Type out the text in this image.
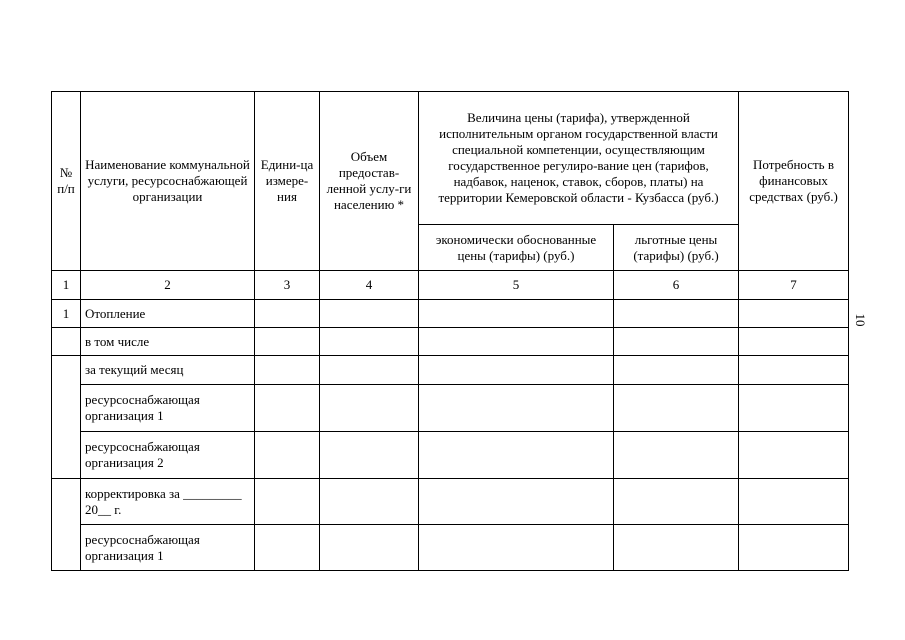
10
№ п/п	Наименование коммунальной услуги, ресурсоснабжающей организации	Едини-ца измере-ния	Объем предостав-ленной услу-ги населению *	Величина цены (тарифа), утвержденной исполнительным органом государственной власти специальной компетенции, осуществляющим государственное регулиро-вание цен (тарифов, надбавок, наценок, ставок, сборов, платы) на территории Кемеровской области - Кузбасса (руб.)		Потребность в финансовых средствах (руб.)
				экономически обоснованные цены (тарифы) (руб.)	льготные цены (тарифы) (руб.)	
1	2	3	4	5	6	7
1	Отопление					
	в том числе					
	за текущий месяц					
	ресурсоснабжающая организация 1					
	ресурсоснабжающая организация 2					
	корректировка за _________ 20__ г.					
	ресурсоснабжающая организация 1					
